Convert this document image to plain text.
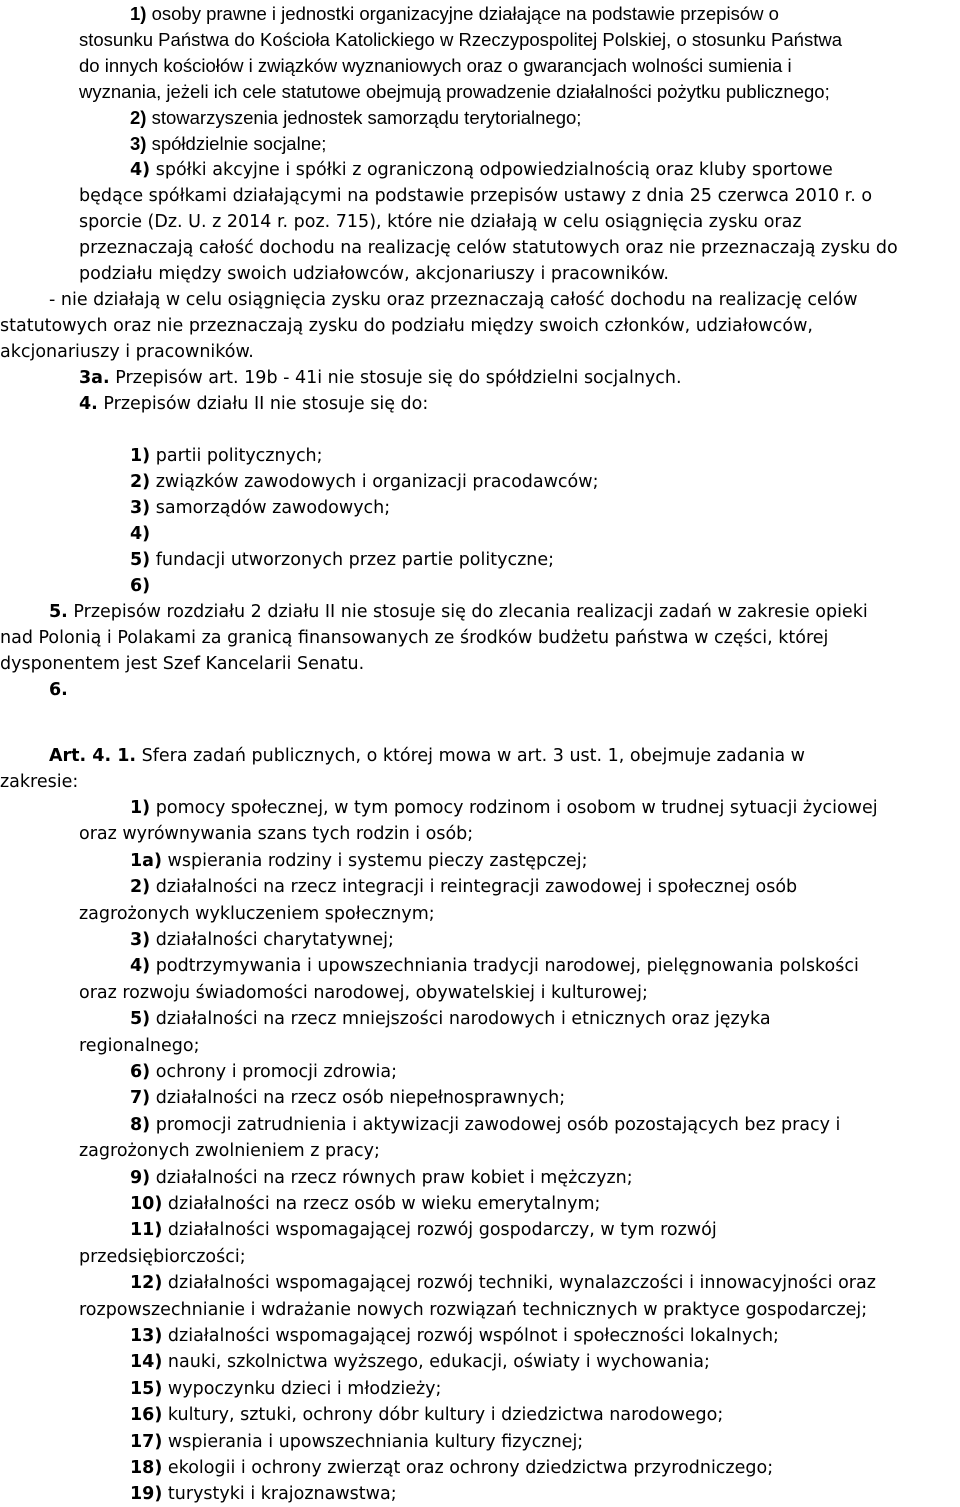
1) osoby prawne i jednostki organizacyjne działające na podstawie przepisów o
stosunku Państwa do Kościoła Katolickiego w Rzeczypospolitej Polskiej, o stosunku Państwa
do innych kościołów i związków wyznaniowych oraz o gwarancjach wolności sumienia i
wyznania, jeżeli ich cele statutowe obejmują prowadzenie działalności pożytku publicznego;
2) stowarzyszenia jednostek samorządu terytorialnego;
3) spółdzielnie socjalne;
4) spółki akcyjne i spółki z ograniczoną odpowiedzialnością oraz kluby sportowe
będące spółkami działającymi na podstawie przepisów ustawy z dnia 25 czerwca 2010 r. o
sporcie (Dz. U. z 2014 r. poz. 715), które nie działają w celu osiągnięcia zysku oraz
przeznaczają całość dochodu na realizację celów statutowych oraz nie przeznaczają zysku do
podziału między swoich udziałowców, akcjonariuszy i pracowników.
- nie działają w celu osiągnięcia zysku oraz przeznaczają całość dochodu na realizację celów
statutowych oraz nie przeznaczają zysku do podziału między swoich członków, udziałowców,
akcjonariuszy i pracowników.
3a. Przepisów art. 19b - 41i nie stosuje się do spółdzielni socjalnych.
4. Przepisów działu II nie stosuje się do:
1) partii politycznych;
2) związków zawodowych i organizacji pracodawców;
3) samorządów zawodowych;
4)
5) fundacji utworzonych przez partie polityczne;
6)
5. Przepisów rozdziału 2 działu II nie stosuje się do zlecania realizacji zadań w zakresie opieki
nad Polonią i Polakami za granicą finansowanych ze środków budżetu państwa w części, której
dysponentem jest Szef Kancelarii Senatu.
6.
Art. 4. 1. Sfera zadań publicznych, o której mowa w art. 3 ust. 1, obejmuje zadania w
zakresie:
1) pomocy społecznej, w tym pomocy rodzinom i osobom w trudnej sytuacji życiowej
oraz wyrównywania szans tych rodzin i osób;
1a) wspierania rodziny i systemu pieczy zastępczej;
2) działalności na rzecz integracji i reintegracji zawodowej i społecznej osób
zagrożonych wykluczeniem społecznym;
3) działalności charytatywnej;
4) podtrzymywania i upowszechniania tradycji narodowej, pielęgnowania polskości
oraz rozwoju świadomości narodowej, obywatelskiej i kulturowej;
5) działalności na rzecz mniejszości narodowych i etnicznych oraz języka
regionalnego;
6) ochrony i promocji zdrowia;
7) działalności na rzecz osób niepełnosprawnych;
8) promocji zatrudnienia i aktywizacji zawodowej osób pozostających bez pracy i
zagrożonych zwolnieniem z pracy;
9) działalności na rzecz równych praw kobiet i mężczyzn;
10) działalności na rzecz osób w wieku emerytalnym;
11) działalności wspomagającej rozwój gospodarczy, w tym rozwój
przedsiębiorczości;
12) działalności wspomagającej rozwój techniki, wynalazczości i innowacyjności oraz
rozpowszechnianie i wdrażanie nowych rozwiązań technicznych w praktyce gospodarczej;
13) działalności wspomagającej rozwój wspólnot i społeczności lokalnych;
14) nauki, szkolnictwa wyższego, edukacji, oświaty i wychowania;
15) wypoczynku dzieci i młodzieży;
16) kultury, sztuki, ochrony dóbr kultury i dziedzictwa narodowego;
17) wspierania i upowszechniania kultury fizycznej;
18) ekologii i ochrony zwierząt oraz ochrony dziedzictwa przyrodniczego;
19) turystyki i krajoznawstwa;
